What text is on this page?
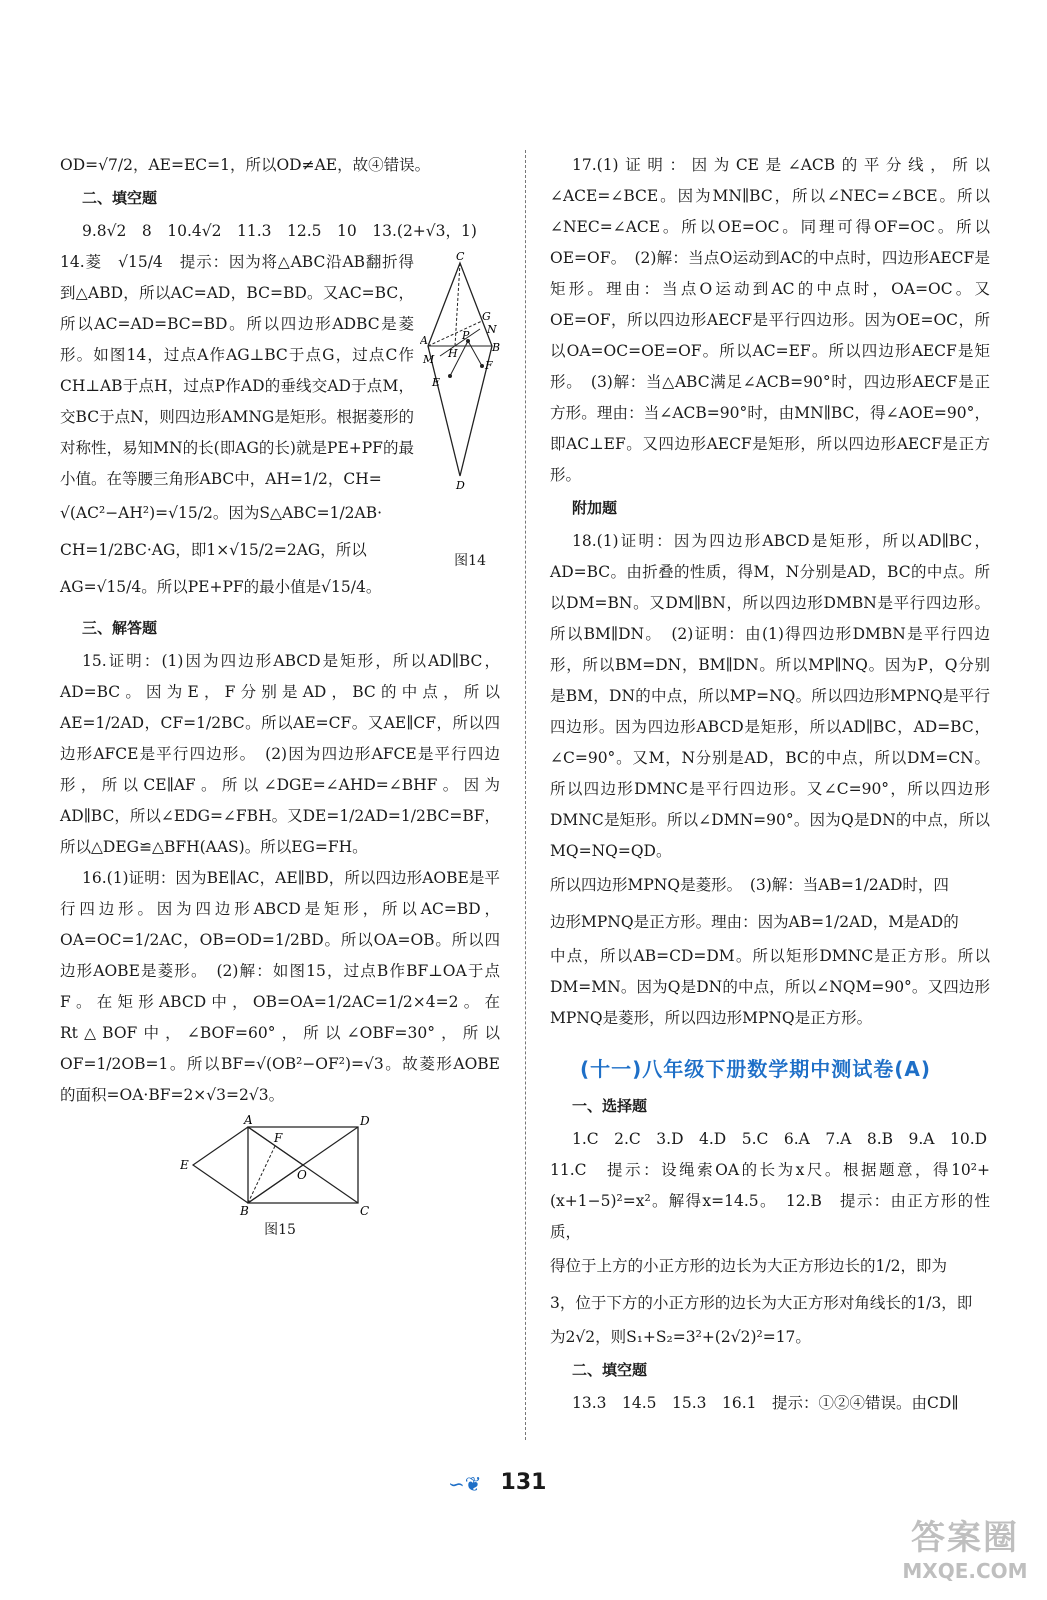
OD=√7/2，AE=EC=1，所以OD≠AE，故④错误。

二、填空题

9.8√2　8　10.4√2　11.3　12.5　10　13.(2+√3，1)

C
G
N
A	P
H	B
M	F
E
D

14.菱　√15/4　提示：因为将△ABC沿AB翻折得到△ABD，所以AC=AD，BC=BD。又AC=BC，所以AC=AD=BC=BD。所以四边形ADBC是菱形。如图14，过点A作AG⊥BC于点G，过点C作CH⊥AB于点H，过点P作AD的垂线交AD于点M，交BC于点N，则四边形AMNG是矩形。根据菱形的对称性，易知MN的长(即AG的长)就是PE+PF的最小值。在等腰三角形ABC中，AH=1/2，CH=

√(AC²−AH²)=√15/2。因为S△ABC=1/2AB·

CH=1/2BC·AG，即1×√15/2=2AG，所以

AG=√15/4。所以PE+PF的最小值是√15/4。

图14

三、解答题

15.证明：(1)因为四边形ABCD是矩形，所以AD∥BC，AD=BC。因为E，F分别是AD，BC的中点，所以AE=1/2AD，CF=1/2BC。所以AE=CF。又AE∥CF，所以四边形AFCE是平行四边形。　(2)因为四边形AFCE是平行四边形，所以CE∥AF。所以∠DGE=∠AHD=∠BHF。因为AD∥BC，所以∠EDG=∠FBH。又DE=1/2AD=1/2BC=BF，所以△DEG≌△BFH(AAS)。所以EG=FH。

16.(1)证明：因为BE∥AC，AE∥BD，所以四边形AOBE是平行四边形。因为四边形ABCD是矩形，所以AC=BD，OA=OC=1/2AC，OB=OD=1/2BD。所以OA=OB。所以四边形AOBE是菱形。　(2)解：如图15，过点B作BF⊥OA于点F。在矩形ABCD中，OB=OA=1/2AC=1/2×4=2。在Rt△BOF中，∠BOF=60°，所以∠OBF=30°，所以OF=1/2OB=1。所以BF=√(OB²−OF²)=√3。故菱形AOBE的面积=OA·BF=2×√3=2√3。

A	D
F
E
O
B	C

图15

17.(1)证明：因为CE是∠ACB的平分线，所以∠ACE=∠BCE。因为MN∥BC，所以∠NEC=∠BCE。所以∠NEC=∠ACE。所以OE=OC。同理可得OF=OC。所以OE=OF。　(2)解：当点O运动到AC的中点时，四边形AECF是矩形。理由：当点O运动到AC的中点时，OA=OC。又OE=OF，所以四边形AECF是平行四边形。因为OE=OC，所以OA=OC=OE=OF。所以AC=EF。所以四边形AECF是矩形。　(3)解：当△ABC满足∠ACB=90°时，四边形AECF是正方形。理由：当∠ACB=90°时，由MN∥BC，得∠AOE=90°，即AC⊥EF。又四边形AECF是矩形，所以四边形AECF是正方形。

附加题

18.(1)证明：因为四边形ABCD是矩形，所以AD∥BC，AD=BC。由折叠的性质，得M，N分别是AD，BC的中点。所以DM=BN。又DM∥BN，所以四边形DMBN是平行四边形。所以BM∥DN。　(2)证明：由(1)得四边形DMBN是平行四边形，所以BM=DN，BM∥DN。所以MP∥NQ。因为P，Q分别是BM，DN的中点，所以MP=NQ。所以四边形MPNQ是平行四边形。因为四边形ABCD是矩形，所以AD∥BC，AD=BC，∠C=90°。又M，N分别是AD，BC的中点，所以DM=CN。所以四边形DMNC是平行四边形。又∠C=90°，所以四边形DMNC是矩形。所以∠DMN=90°。因为Q是DN的中点，所以MQ=NQ=QD。

所以四边形MPNQ是菱形。　(3)解：当AB=1/2AD时，四

边形MPNQ是正方形。理由：因为AB=1/2AD，M是AD的

中点，所以AB=CD=DM。所以矩形DMNC是正方形。所以DM=MN。因为Q是DN的中点，所以∠NQM=90°。又四边形MPNQ是菱形，所以四边形MPNQ是正方形。

(十一)八年级下册数学期中测试卷(A)

一、选择题

1.C　2.C　3.D　4.D　5.C　6.A　7.A　8.B　9.A　10.D

11.C　提示：设绳索OA的长为x尺。根据题意，得10²+(x+1−5)²=x²。解得x=14.5。　12.B　提示：由正方形的性质，

得位于上方的小正方形的边长为大正方形边长的1/2，即为

3，位于下方的小正方形的边长为大正方形对角线长的1/3，即

为2√2，则S₁+S₂=3²+(2√2)²=17。

二、填空题

13.3　14.5　15.3　16.1　提示：①②④错误。由CD∥

∽❦ 131
答案圈
MXQE.COM
